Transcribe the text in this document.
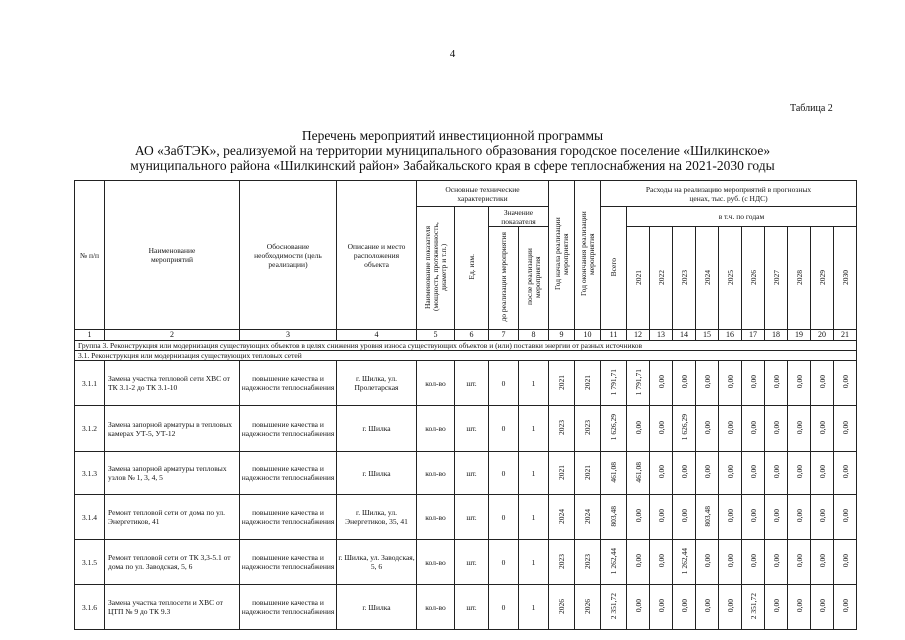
4
Таблица 2
Перечень мероприятий инвестиционной программы
АО «ЗабТЭК», реализуемой на территории муниципального образования городское поселение «Шилкинское»
муниципального района «Шилкинский район» Забайкальского края в сфере теплоснабжения на 2021-2030 годы
№ п/п	Наименование мероприятий	Обоснование необходимости (цель реализации)	Описание и место расположения объекта	Основные технические характеристики				Год начала реализации мероприятия	Год окончания реализации мероприятия	Расходы на реализацию мероприятий в прогнозных ценах, тыс. руб. (с НДС)										

				Наименование показателя (мощность, протяженность, диаметр и т.п.)	Ед. изм.	Значение показателя				Всего	в т.ч. по годам									
						до реализации мероприятия	после реализации мероприятия				2021	2022	2023	2024	2025	2026	2027	2028	2029	2030
1	2	3	4	5	6	7	8	9	10	11	12	13	14	15	16	17	18	19	20	21
Группа 3. Реконструкция или модернизация существующих объектов в целях снижения уровня износа существующих объектов и (или) поставки энергии от разных источников																				
3.1. Реконструкция или модернизация существующих тепловых сетей																				
3.1.1	Замена участка тепловой сети ХВС от ТК 3.1-2 до ТК 3.1-10	повышение качества и надежности теплоснабжения	г. Шилка, ул. Пролетарская	кол-во	шт.	0	1	2021	2021	1 791,71	1 791,71	0,00	0,00	0,00	0,00	0,00	0,00	0,00	0,00	0,00
3.1.2	Замена запорной арматуры в тепловых камерах УТ-5, УТ-12	повышение качества и надежности теплоснабжения	г. Шилка	кол-во	шт.	0	1	2023	2023	1 626,29	0,00	0,00	1 626,29	0,00	0,00	0,00	0,00	0,00	0,00	0,00
3.1.3	Замена запорной арматуры тепловых узлов № 1, 3, 4, 5	повышение качества и надежности теплоснабжения	г. Шилка	кол-во	шт.	0	1	2021	2021	461,08	461,08	0,00	0,00	0,00	0,00	0,00	0,00	0,00	0,00	0,00
3.1.4	Ремонт тепловой сети от дома по ул. Энергетиков, 41	повышение качества и надежности теплоснабжения	г. Шилка, ул. Энергетиков, 35, 41	кол-во	шт.	0	1	2024	2024	803,48	0,00	0,00	0,00	803,48	0,00	0,00	0,00	0,00	0,00	0,00
3.1.5	Ремонт тепловой сети от ТК 3,3-5.1 от дома по ул. Заводская, 5, 6	повышение качества и надежности теплоснабжения	г. Шилка, ул. Заводская, 5, 6	кол-во	шт.	0	1	2023	2023	1 262,44	0,00	0,00	1 262,44	0,00	0,00	0,00	0,00	0,00	0,00	0,00
3.1.6	Замена участка теплосети и ХВС от ЦТП № 9 до ТК 9.3	повышение качества и надежности теплоснабжения	г. Шилка	кол-во	шт.	0	1	2026	2026	2 351,72	0,00	0,00	0,00	0,00	0,00	2 351,72	0,00	0,00	0,00	0,00
